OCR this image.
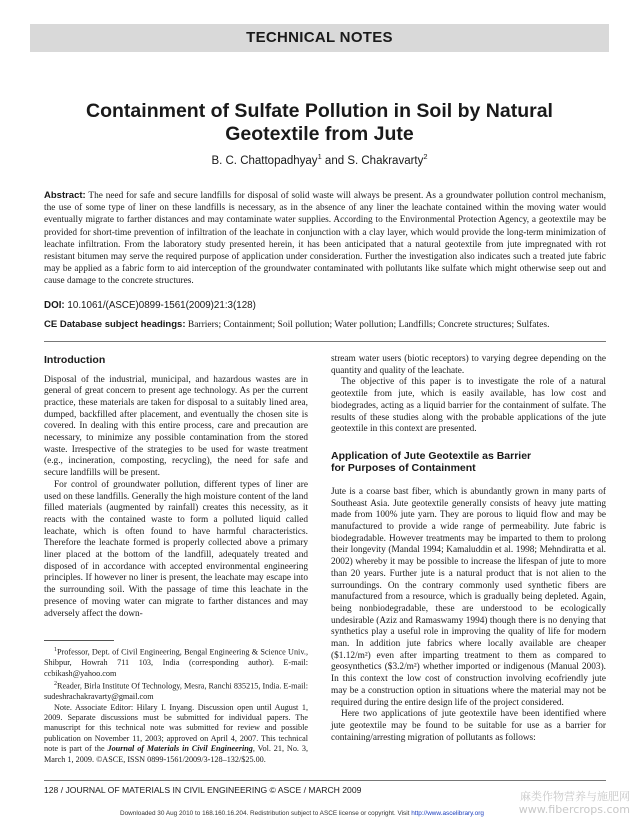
TECHNICAL NOTES
Containment of Sulfate Pollution in Soil by Natural
Geotextile from Jute
B. C. Chattopadhyay$^1$ and S. Chakravarty$^2$
Abstract: The need for safe and secure landfills for disposal of solid waste will always be present. As a groundwater pollution control mechanism, the use of some type of liner on these landfills is necessary, as in the absence of any liner the leachate contained within the moving water would eventually migrate to farther distances and may contaminate water supplies. According to the Environmental Protection Agency, a geotextile may be provided for short-time prevention of infiltration of the leachate in conjunction with a clay layer, which would provide the long-term minimization of leachate infiltration. From the laboratory study presented herein, it has been anticipated that a natural geotextile from jute impregnated with rot resistant bitumen may serve the required purpose of application under consideration. Further the investigation also indicates such a treated jute fabric may be applied as a fabric form to aid interception of the groundwater contaminated with pollutants like sulfate which might otherwise seep out and cause damage to the concrete structures.
DOI: 10.1061/(ASCE)0899-1561(2009)21:3(128)
CE Database subject headings: Barriers; Containment; Soil pollution; Water pollution; Landfills; Concrete structures; Sulfates.
Introduction

Disposal of the industrial, municipal, and hazardous wastes are in general of great concern to present age technology. As per the current practice, these materials are taken for disposal to a suitably lined area, dumped, backfilled after placement, and eventually the chosen site is covered. In dealing with this entire process, care and precaution are necessary, to minimize any possible contamination from the stored waste. Irrespective of the strategies to be used for waste treatment (e.g., incineration, composting, recycling), the need for safe and secure landfills will be present.

For control of groundwater pollution, different types of liner are used on these landfills. Generally the high moisture content of the land filled materials (augmented by rainfall) creates this necessity, as it reacts with the contained waste to form a polluted liquid called leachate, which is often found to have harmful characteristics. Therefore the leachate formed is properly collected above a primary liner placed at the bottom of the landfill, adequately treated and disposed of in accordance with accepted environmental engineering principles. If however no liner is present, the leachate may escape into the surrounding soil. With the passage of time this leachate in the presence of moving water can migrate to farther distances and may adversely affect the down-

$^1$Professor, Dept. of Civil Engineering, Bengal Engineering & Science Univ., Shibpur, Howrah 711 103, India (corresponding author). E-mail: ccbikash@yahoo.com

$^2$Reader, Birla Institute Of Technology, Mesra, Ranchi 835215, India. E-mail: sudeshrachakravarty@gmail.com

Note. Associate Editor: Hilary I. Inyang. Discussion open until August 1, 2009. Separate discussions must be submitted for individual papers. The manuscript for this technical note was submitted for review and possible publication on November 11, 2003; approved on April 4, 2007. This technical note is part of the Journal of Materials in Civil Engineering, Vol. 21, No. 3, March 1, 2009. ©ASCE, ISSN 0899-1561/2009/3-128–132/$25.00.

stream water users (biotic receptors) to varying degree depending on the quantity and quality of the leachate.

The objective of this paper is to investigate the role of a natural geotextile from jute, which is easily available, has low cost and biodegrades, acting as a liquid barrier for the containment of sulfate. The results of these studies along with the probable applications of the jute geotextile in this context are presented.

Application of Jute Geotextile as Barrier
for Purposes of Containment

Jute is a coarse bast fiber, which is abundantly grown in many parts of Southeast Asia. Jute geotextile generally consists of heavy jute matting made from 100% jute yarn. They are porous to liquid flow and may be manufactured to provide a wide range of permeability. Jute fabric is biodegradable. However treatments may be imparted to them to prolong their longevity (Mandal 1994; Kamaluddin et al. 1998; Mehndiratta et al. 2002) whereby it may be possible to increase the lifespan of jute to more than 20 years. Further jute is a natural product that is not alien to the surroundings. On the contrary commonly used synthetic fibers are manufactured from a resource, which is gradually being depleted. Again, being nonbiodegradable, these are understood to be ecologically undesirable (Aziz and Ramaswamy 1994) though there is no denying that synthetics play a useful role in improving the quality of life for modern man. In addition jute fabrics where locally available are cheaper ($1.12/m²) even after imparting treatment to them as compared to geosynthetics ($3.2/m²) whether imported or indigenous (Manual 2003). In this context the low cost of construction involving ecofriendly jute may be a construction option in situations where the material may not be required during the entire design life of the project considered.

Here two applications of jute geotextile have been identified where jute geotextile may be found to be suitable for use as a barrier for containing/arresting migration of pollutants as follows:

128 / JOURNAL OF MATERIALS IN CIVIL ENGINEERING © ASCE / MARCH 2009
Downloaded 30 Aug 2010 to 168.160.16.204. Redistribution subject to ASCE license or copyright. Visit http://www.ascelibrary.org
麻类作物营养与施肥网
www.fibercrops.com
